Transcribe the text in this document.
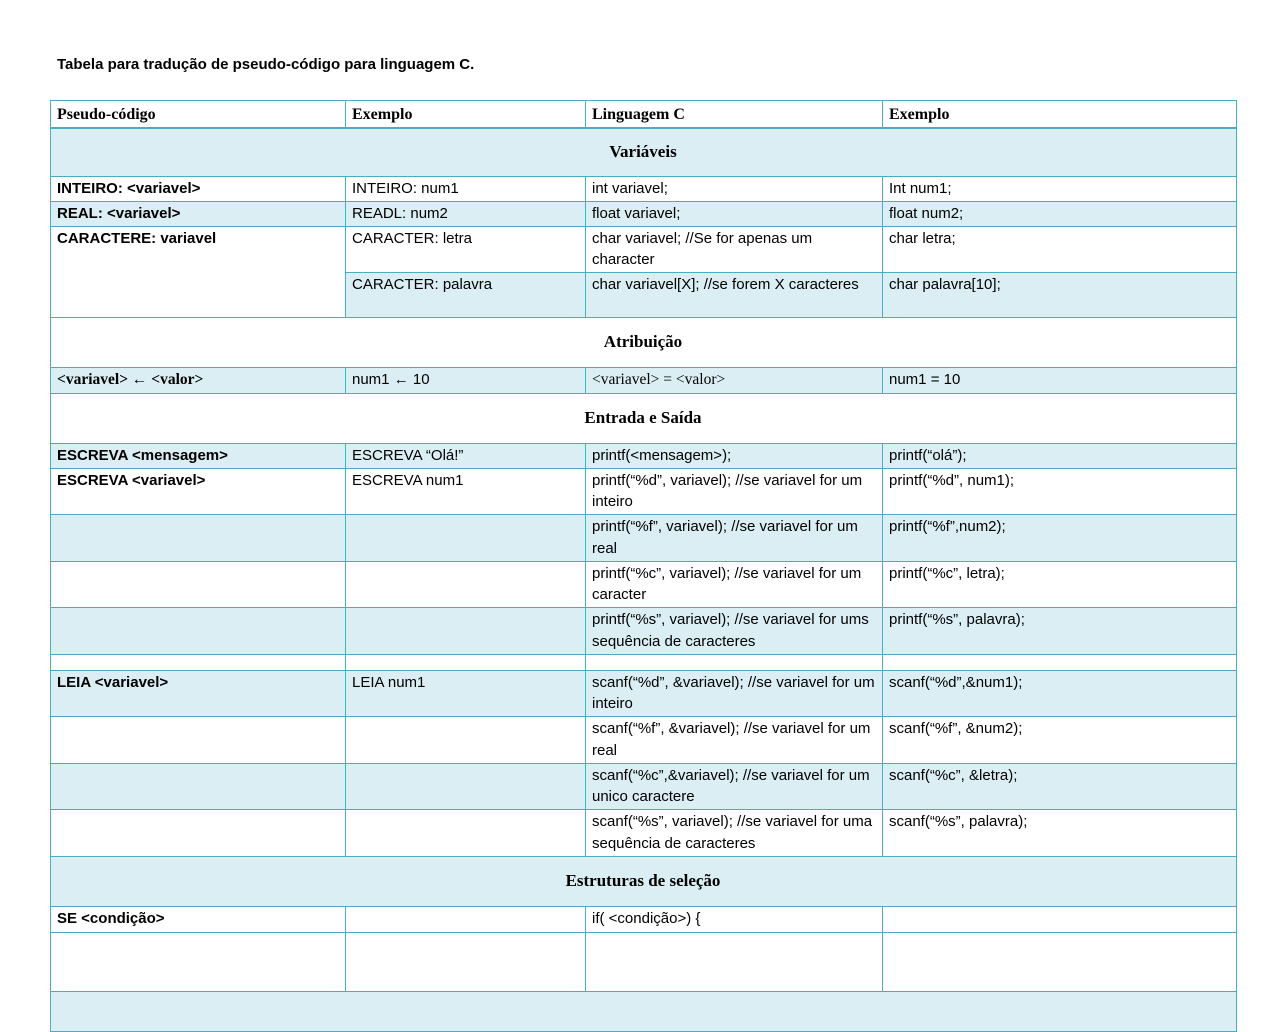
Tabela para tradução de pseudo-código para linguagem C.
Pseudo-código	Exemplo	Linguagem C	Exemplo
Variáveis			
INTEIRO: <variavel>	INTEIRO: num1	int variavel;	Int num1;
REAL: <variavel>	READL: num2	float variavel;	float num2;
CARACTERE: variavel	CARACTER: letra	char variavel; //Se for apenas um character	char letra;
	CARACTER: palavra	char variavel[X]; //se forem X caracteres	char palavra[10];
Atribuição			
<variavel> ← <valor>	num1 ← 10	<variavel> = <valor>	num1 = 10
Entrada e Saída			
ESCREVA <mensagem>	ESCREVA “Olá!”	printf(<mensagem>);	printf(“olá”);
ESCREVA <variavel>	ESCREVA num1	printf(“%d”, variavel); //se variavel for um inteiro	printf(“%d”, num1);
		printf(“%f”, variavel); //se variavel for um real	printf(“%f”,num2);
		printf(“%c”, variavel); //se variavel for um caracter	printf(“%c”, letra);
		printf(“%s”, variavel); //se variavel for ums sequência de caracteres	printf(“%s”, palavra);

LEIA <variavel>	LEIA num1	scanf(“%d”, &variavel); //se variavel for um inteiro	scanf(“%d”,&num1);
		scanf(“%f”, &variavel); //se variavel for um real	scanf(“%f”, &num2);
		scanf(“%c”,&variavel); //se variavel for um unico caractere	scanf(“%c”, &letra);
		scanf(“%s”, variavel); //se variavel for uma sequência de caracteres	scanf(“%s”, palavra);
Estruturas de seleção			
SE <condição>		if( <condição>) {	
